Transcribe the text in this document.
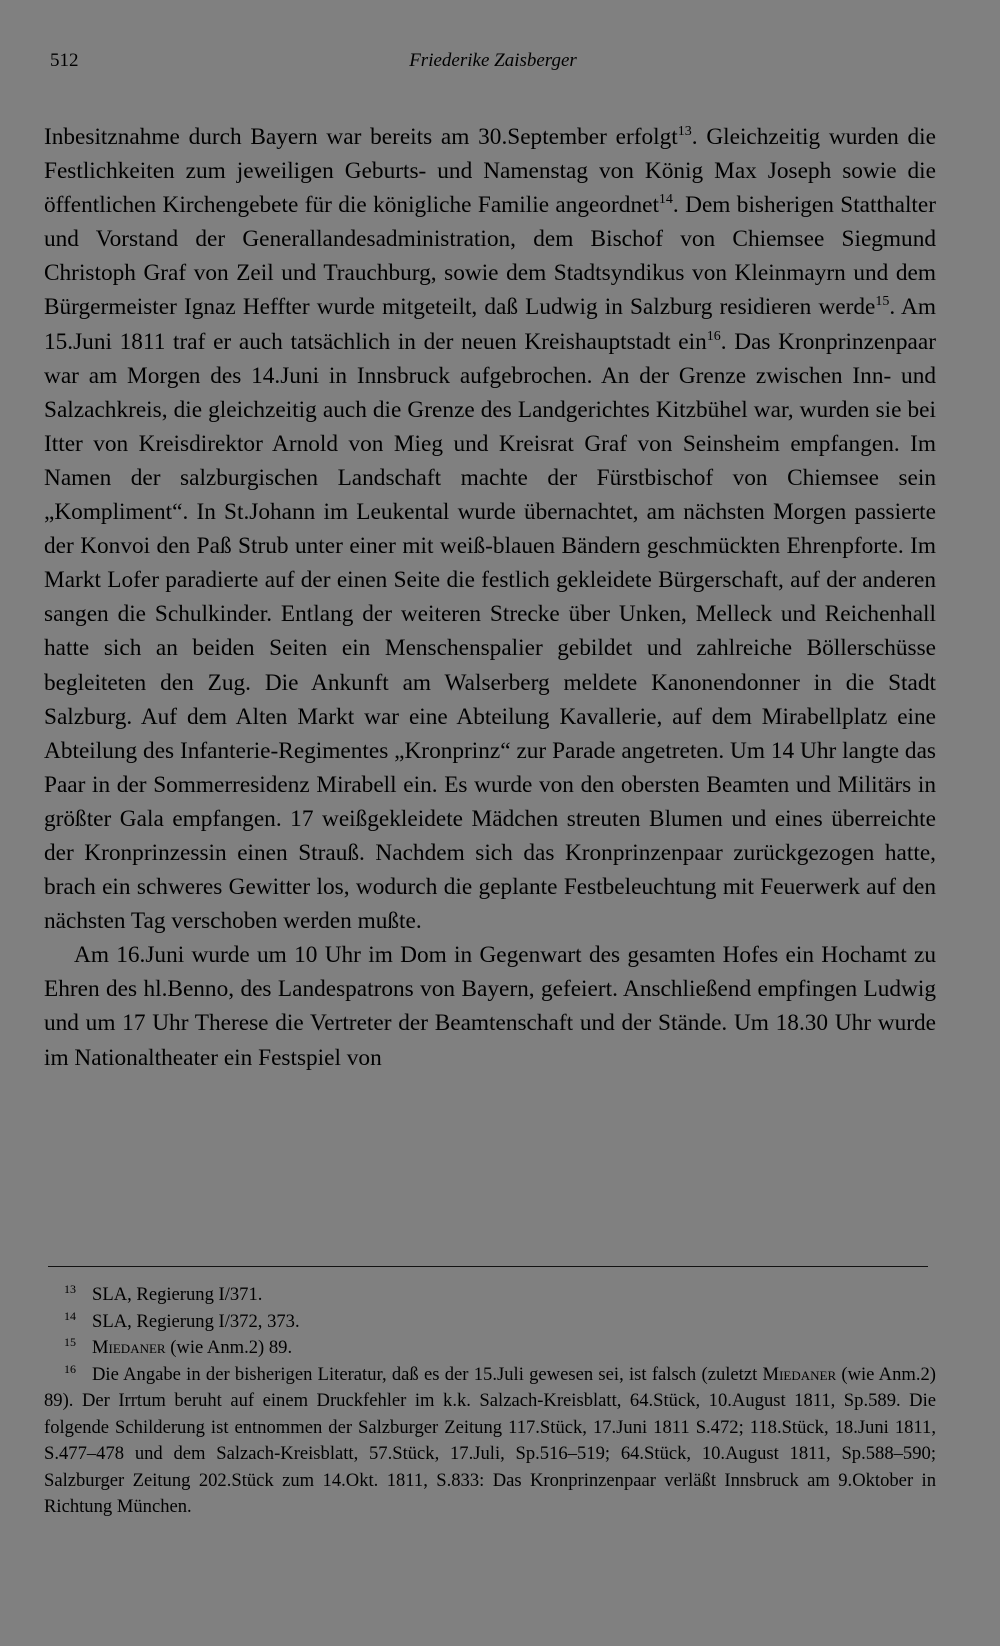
512	Friederike Zaisberger

Inbesitznahme durch Bayern war bereits am 30.September erfolgt$^{13}$. Gleichzeitig wurden die Festlichkeiten zum jeweiligen Geburts- und Namenstag von König Max Joseph sowie die öffentlichen Kirchengebete für die königliche Familie angeordnet$^{14}$. Dem bisherigen Statthalter und Vorstand der Generallandesadministration, dem Bischof von Chiemsee Siegmund Christoph Graf von Zeil und Trauchburg, sowie dem Stadtsyndikus von Kleinmayrn und dem Bürgermeister Ignaz Heffter wurde mitgeteilt, daß Ludwig in Salzburg residieren werde$^{15}$. Am 15.Juni 1811 traf er auch tatsächlich in der neuen Kreishauptstadt ein$^{16}$. Das Kronprinzenpaar war am Morgen des 14.Juni in Innsbruck aufgebrochen. An der Grenze zwischen Inn- und Salzachkreis, die gleichzeitig auch die Grenze des Landgerichtes Kitzbühel war, wurden sie bei Itter von Kreisdirektor Arnold von Mieg und Kreisrat Graf von Seinsheim empfangen. Im Namen der salzburgischen Landschaft machte der Fürstbischof von Chiemsee sein „Kompliment“. In St.Johann im Leukental wurde übernachtet, am nächsten Morgen passierte der Konvoi den Paß Strub unter einer mit weiß-blauen Bändern geschmückten Ehrenpforte. Im Markt Lofer paradierte auf der einen Seite die festlich gekleidete Bürgerschaft, auf der anderen sangen die Schulkinder. Entlang der weiteren Strecke über Unken, Melleck und Reichenhall hatte sich an beiden Seiten ein Menschenspalier gebildet und zahlreiche Böllerschüsse begleiteten den Zug. Die Ankunft am Walserberg meldete Kanonendonner in die Stadt Salzburg. Auf dem Alten Markt war eine Abteilung Kavallerie, auf dem Mirabellplatz eine Abteilung des Infanterie-Regimentes „Kronprinz“ zur Parade angetreten. Um 14 Uhr langte das Paar in der Sommerresidenz Mirabell ein. Es wurde von den obersten Beamten und Militärs in größter Gala empfangen. 17 weißgekleidete Mädchen streuten Blumen und eines überreichte der Kronprinzessin einen Strauß. Nachdem sich das Kronprinzenpaar zurückgezogen hatte, brach ein schweres Gewitter los, wodurch die geplante Festbeleuchtung mit Feuerwerk auf den nächsten Tag verschoben werden mußte.

Am 16.Juni wurde um 10 Uhr im Dom in Gegenwart des gesamten Hofes ein Hochamt zu Ehren des hl.Benno, des Landespatrons von Bayern, gefeiert. Anschließend empfingen Ludwig und um 17 Uhr Therese die Vertreter der Beamtenschaft und der Stände. Um 18.30 Uhr wurde im Nationaltheater ein Festspiel von

13 SLA, Regierung I/371.
14 SLA, Regierung I/372, 373.
15 Miedaner (wie Anm.2) 89.
16 Die Angabe in der bisherigen Literatur, daß es der 15.Juli gewesen sei, ist falsch (zuletzt Miedaner (wie Anm.2) 89). Der Irrtum beruht auf einem Druckfehler im k.k. Salzach-Kreisblatt, 64.Stück, 10.August 1811, Sp.589. Die folgende Schilderung ist entnommen der Salzburger Zeitung 117.Stück, 17.Juni 1811 S.472; 118.Stück, 18.Juni 1811, S.477–478 und dem Salzach-Kreisblatt, 57.Stück, 17.Juli, Sp.516–519; 64.Stück, 10.August 1811, Sp.588–590; Salzburger Zeitung 202.Stück zum 14.Okt. 1811, S.833: Das Kronprinzenpaar verläßt Innsbruck am 9.Oktober in Richtung München.
